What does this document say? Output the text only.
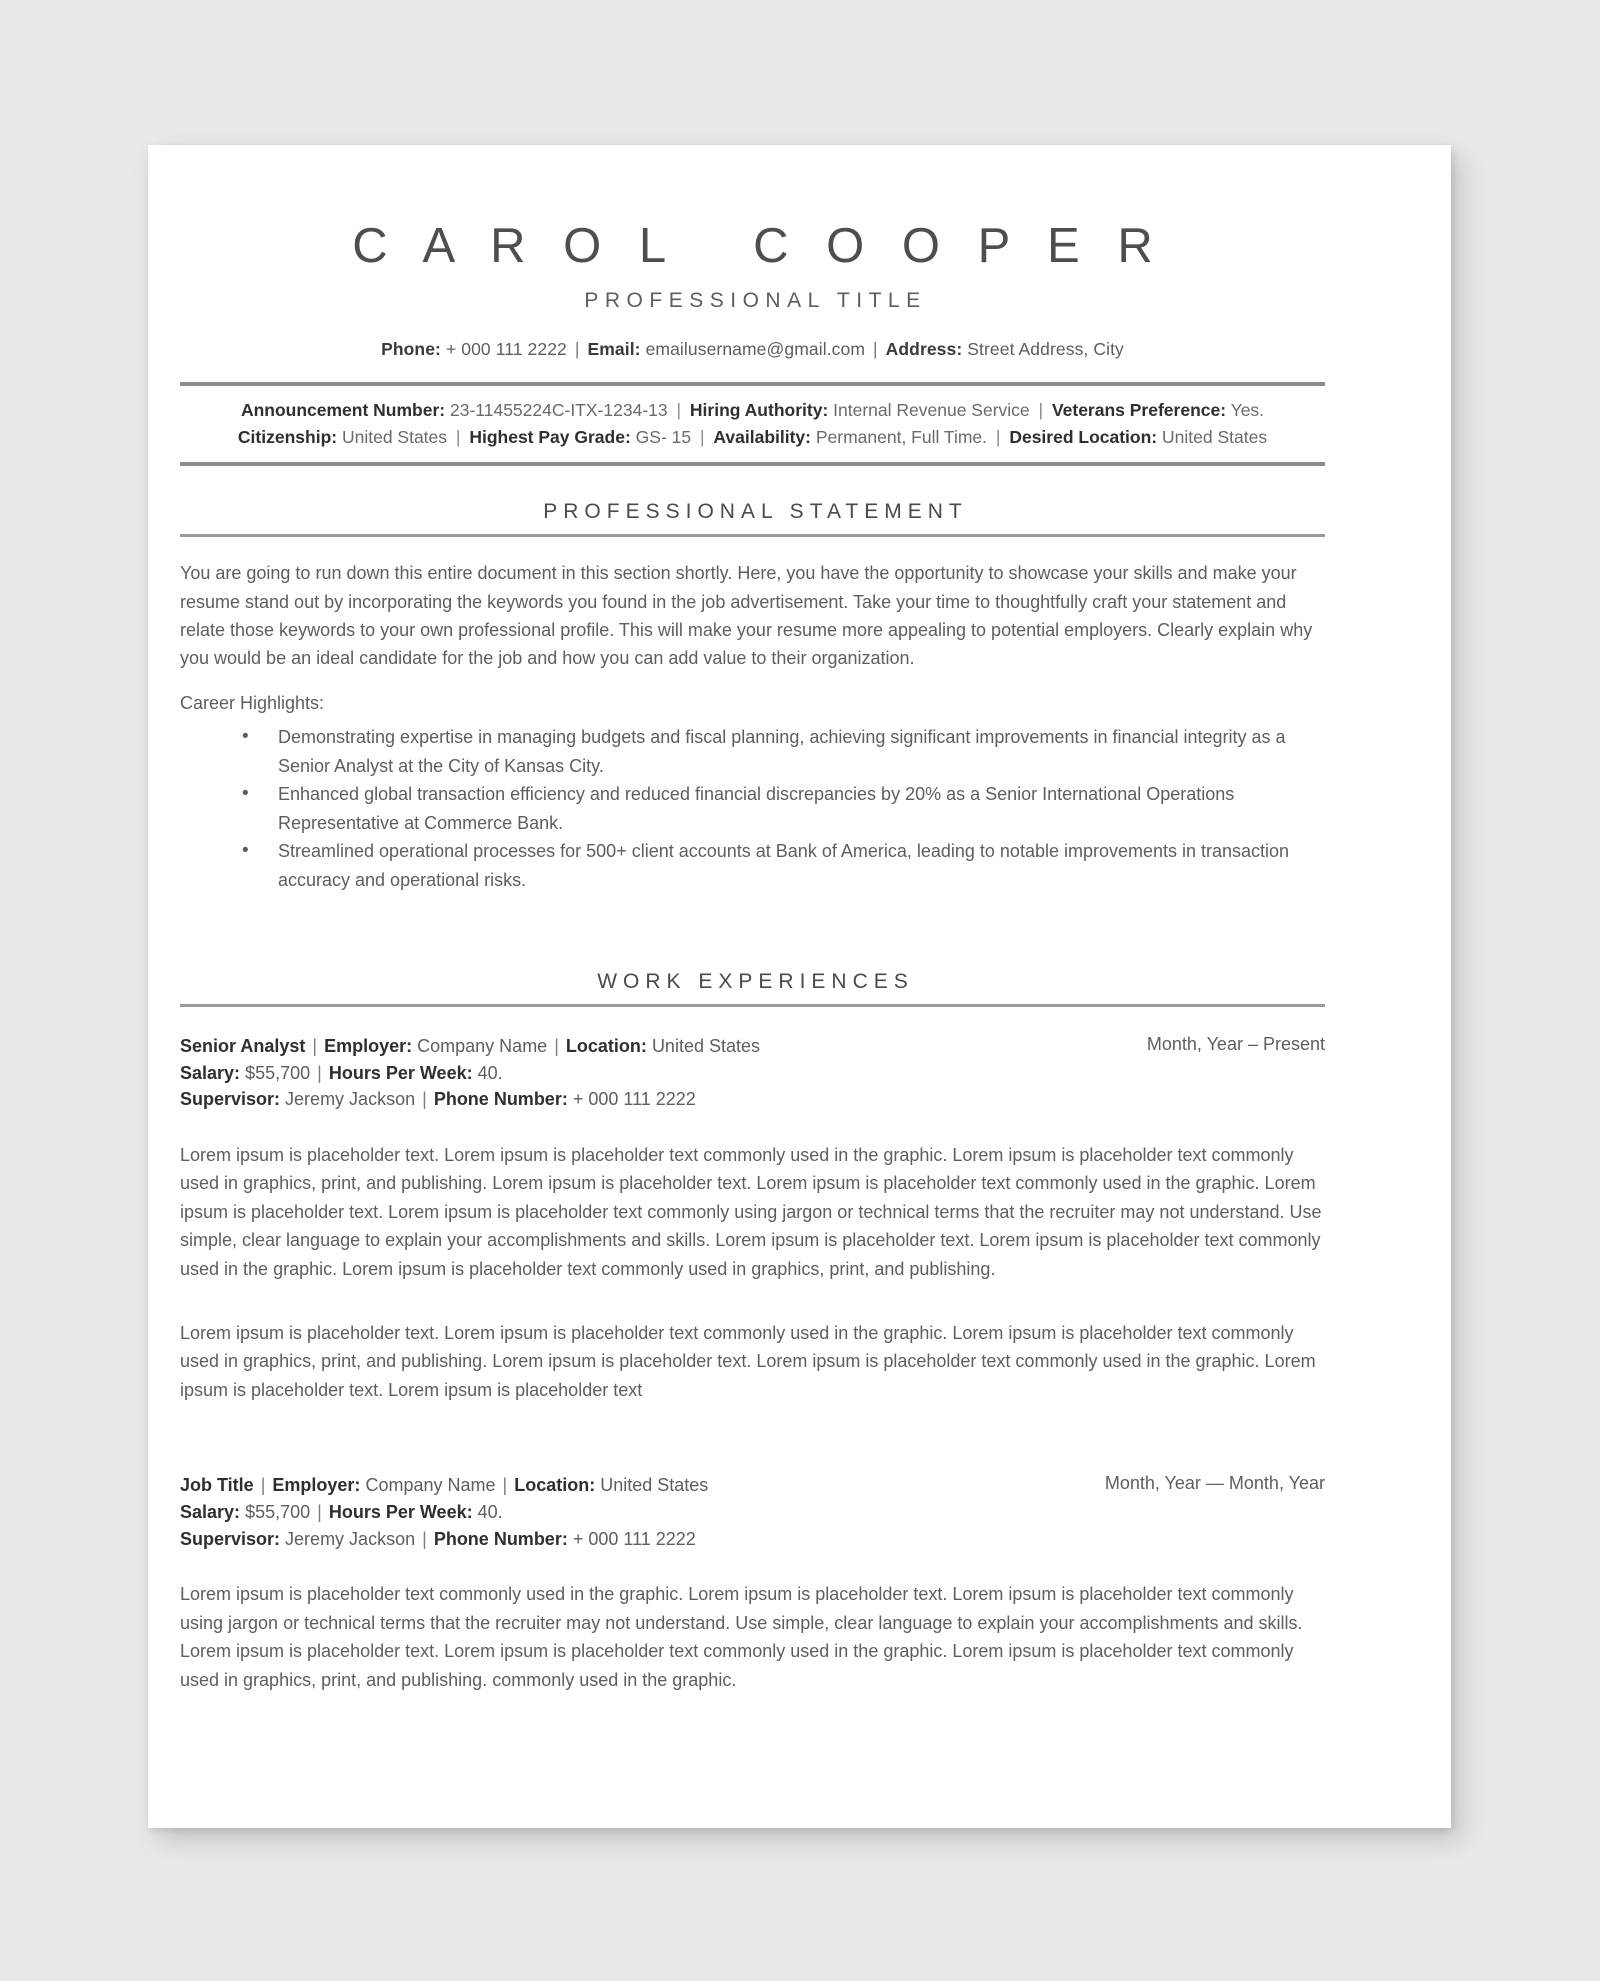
C A R O L   C O O P E R
PROFESSIONAL TITLE
Phone: + 000 111 2222 | Email: emailusername@gmail.com | Address: Street Address, City
Announcement Number: 23-11455224C-ITX-1234-13 | Hiring Authority: Internal Revenue Service | Veterans Preference: Yes.
Citizenship: United States | Highest Pay Grade: GS- 15 | Availability: Permanent, Full Time. | Desired Location: United States
PROFESSIONAL STATEMENT
You are going to run down this entire document in this section shortly. Here, you have the opportunity to showcase your skills and make your resume stand out by incorporating the keywords you found in the job advertisement. Take your time to thoughtfully craft your statement and relate those keywords to your own professional profile. This will make your resume more appealing to potential employers. Clearly explain why you would be an ideal candidate for the job and how you can add value to their organization.
Career Highlights:
• Demonstrating expertise in managing budgets and fiscal planning, achieving significant improvements in financial integrity as a Senior Analyst at the City of Kansas City.
• Enhanced global transaction efficiency and reduced financial discrepancies by 20% as a Senior International Operations Representative at Commerce Bank.
• Streamlined operational processes for 500+ client accounts at Bank of America, leading to notable improvements in transaction accuracy and operational risks.
WORK EXPERIENCES
Senior Analyst | Employer: Company Name | Location: United States	Month, Year – Present
Salary: $55,700 | Hours Per Week: 40.
Supervisor: Jeremy Jackson | Phone Number: + 000 111 2222
Lorem ipsum is placeholder text. Lorem ipsum is placeholder text commonly used in the graphic. Lorem ipsum is placeholder text commonly used in graphics, print, and publishing. Lorem ipsum is placeholder text. Lorem ipsum is placeholder text commonly used in the graphic. Lorem ipsum is placeholder text. Lorem ipsum is placeholder text commonly using jargon or technical terms that the recruiter may not understand. Use simple, clear language to explain your accomplishments and skills. Lorem ipsum is placeholder text. Lorem ipsum is placeholder text commonly used in the graphic. Lorem ipsum is placeholder text commonly used in graphics, print, and publishing.
Lorem ipsum is placeholder text. Lorem ipsum is placeholder text commonly used in the graphic. Lorem ipsum is placeholder text commonly used in graphics, print, and publishing. Lorem ipsum is placeholder text. Lorem ipsum is placeholder text commonly used in the graphic. Lorem ipsum is placeholder text. Lorem ipsum is placeholder text
Job Title | Employer: Company Name | Location: United States	Month, Year — Month, Year
Salary: $55,700 | Hours Per Week: 40.
Supervisor: Jeremy Jackson | Phone Number: + 000 111 2222
Lorem ipsum is placeholder text commonly used in the graphic. Lorem ipsum is placeholder text. Lorem ipsum is placeholder text commonly using jargon or technical terms that the recruiter may not understand. Use simple, clear language to explain your accomplishments and skills. Lorem ipsum is placeholder text. Lorem ipsum is placeholder text commonly used in the graphic. Lorem ipsum is placeholder text commonly used in graphics, print, and publishing. commonly used in the graphic.
